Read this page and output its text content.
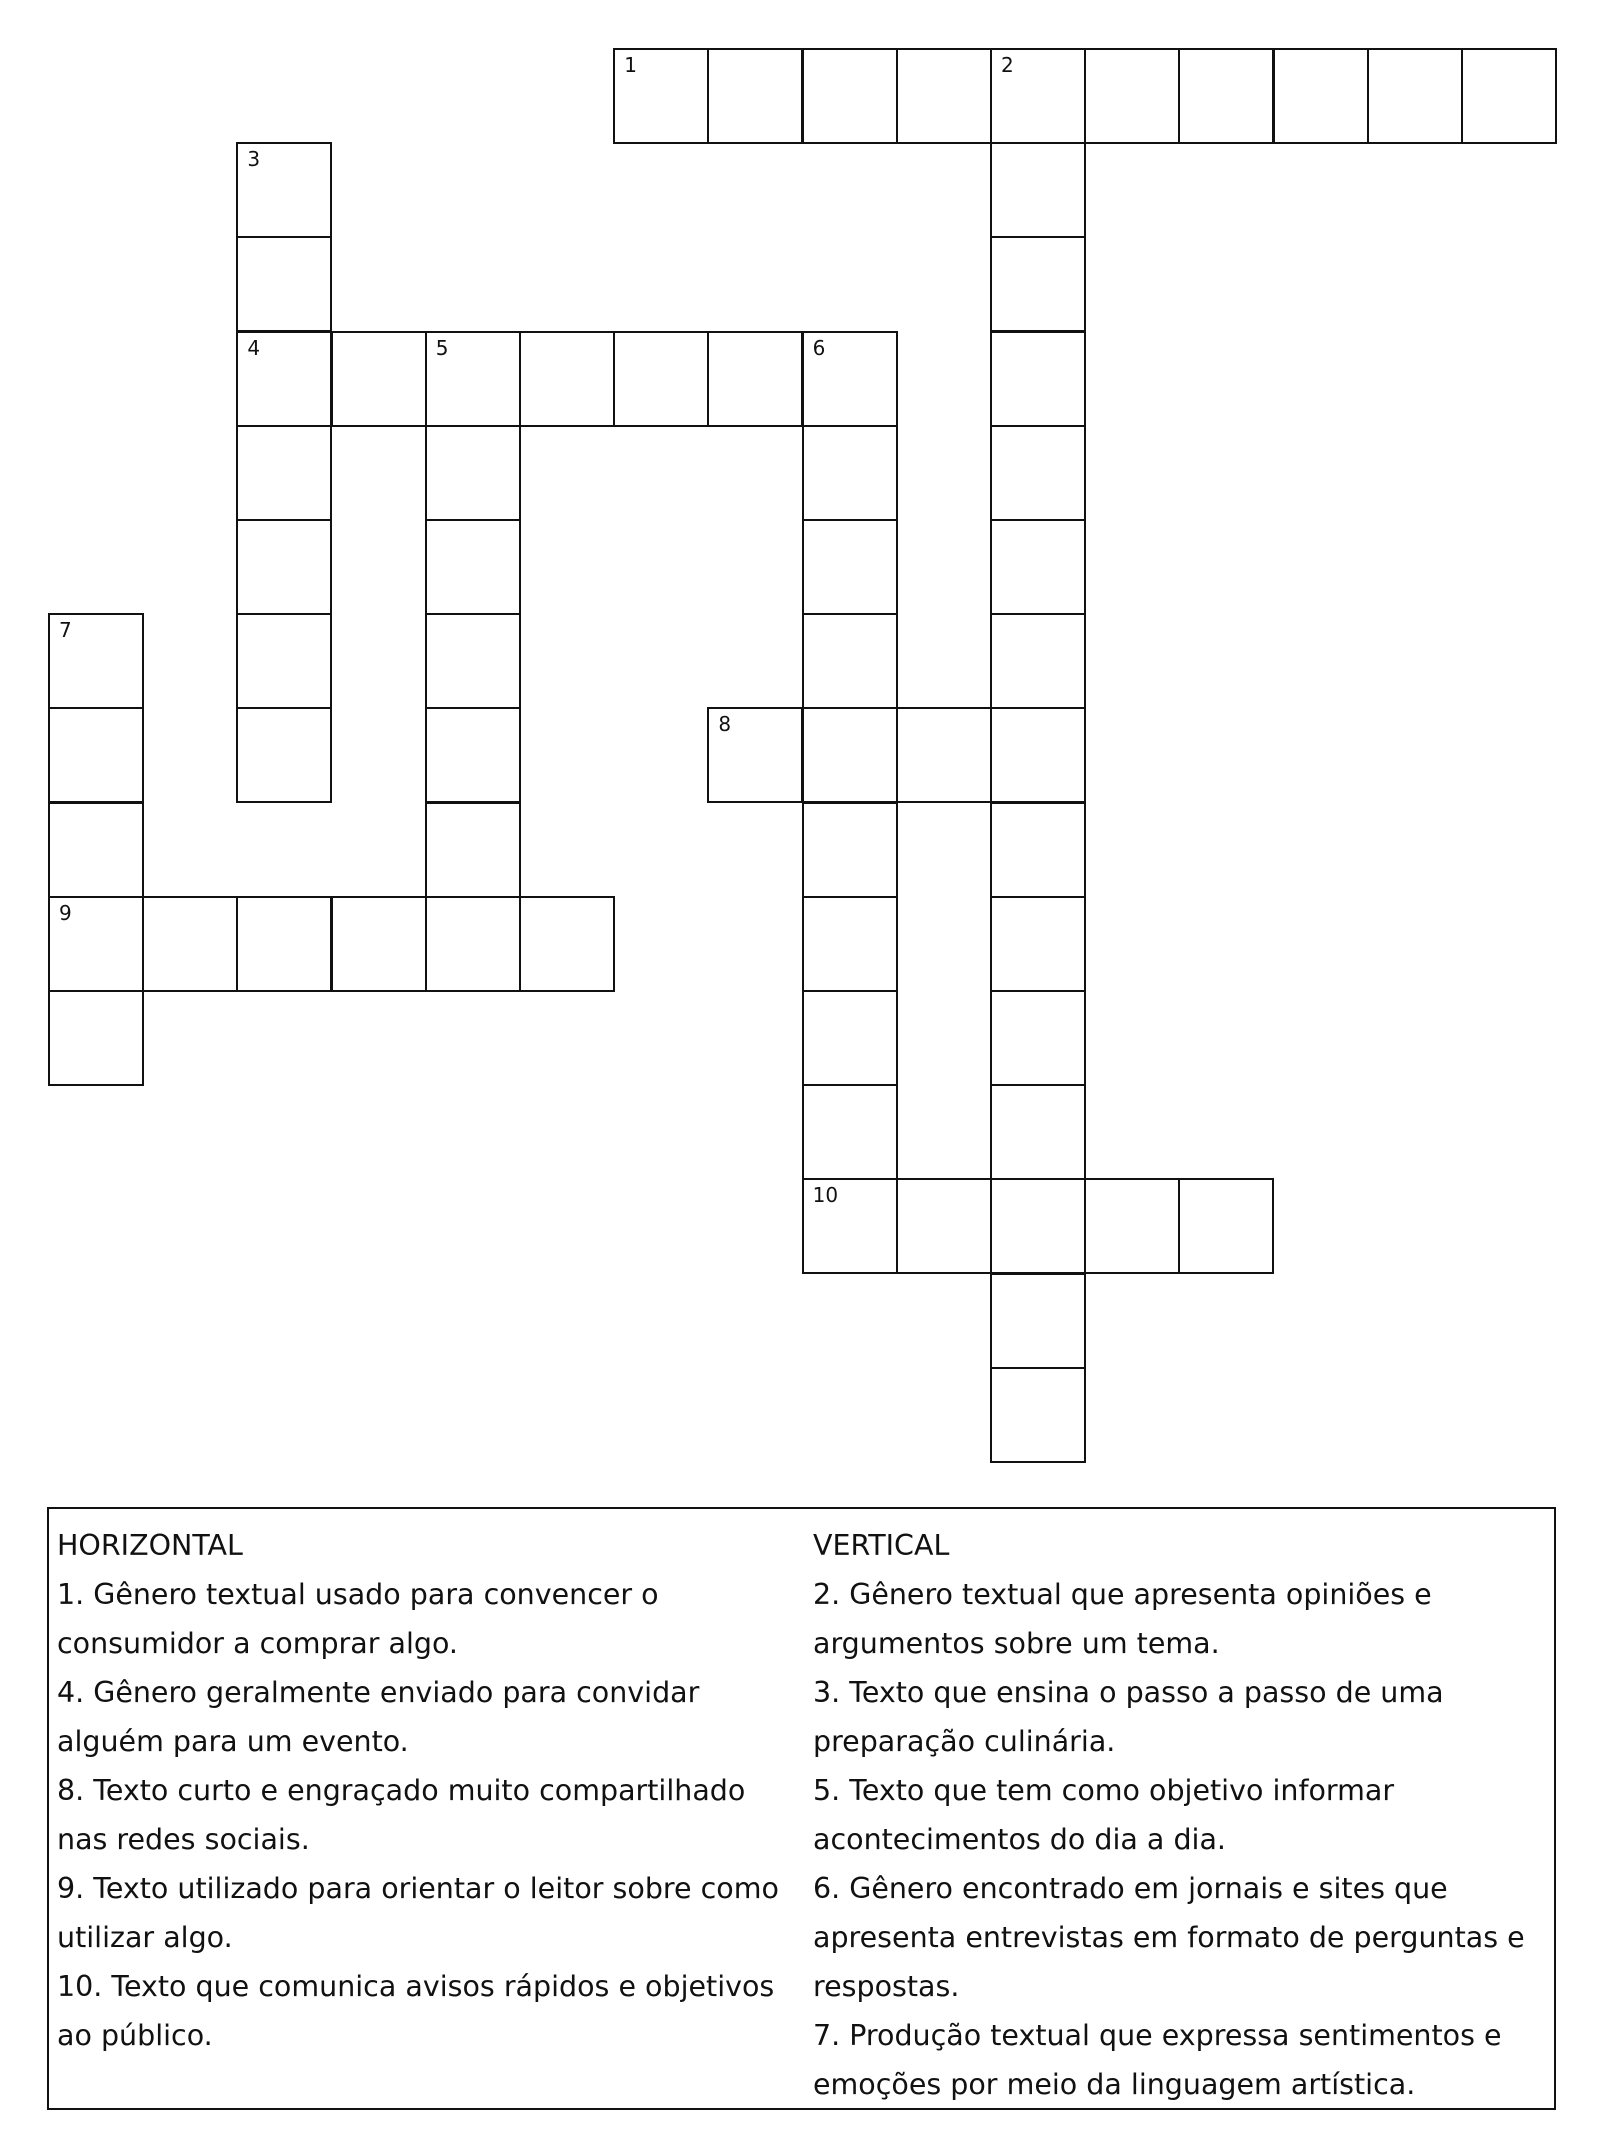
1	2
3
4	5	6
7
8
9
10
HORIZONTAL
1. Gênero textual usado para convencer o consumidor a comprar algo.
4. Gênero geralmente enviado para convidar alguém para um evento.
8. Texto curto e engraçado muito compartilhado nas redes sociais.
9. Texto utilizado para orientar o leitor sobre como utilizar algo.
10. Texto que comunica avisos rápidos e objetivos ao público.
VERTICAL
2. Gênero textual que apresenta opiniões e argumentos sobre um tema.
3. Texto que ensina o passo a passo de uma preparação culinária.
5. Texto que tem como objetivo informar acontecimentos do dia a dia.
6. Gênero encontrado em jornais e sites que apresenta entrevistas em formato de perguntas e respostas.
7. Produção textual que expressa sentimentos e emoções por meio da linguagem artística.
